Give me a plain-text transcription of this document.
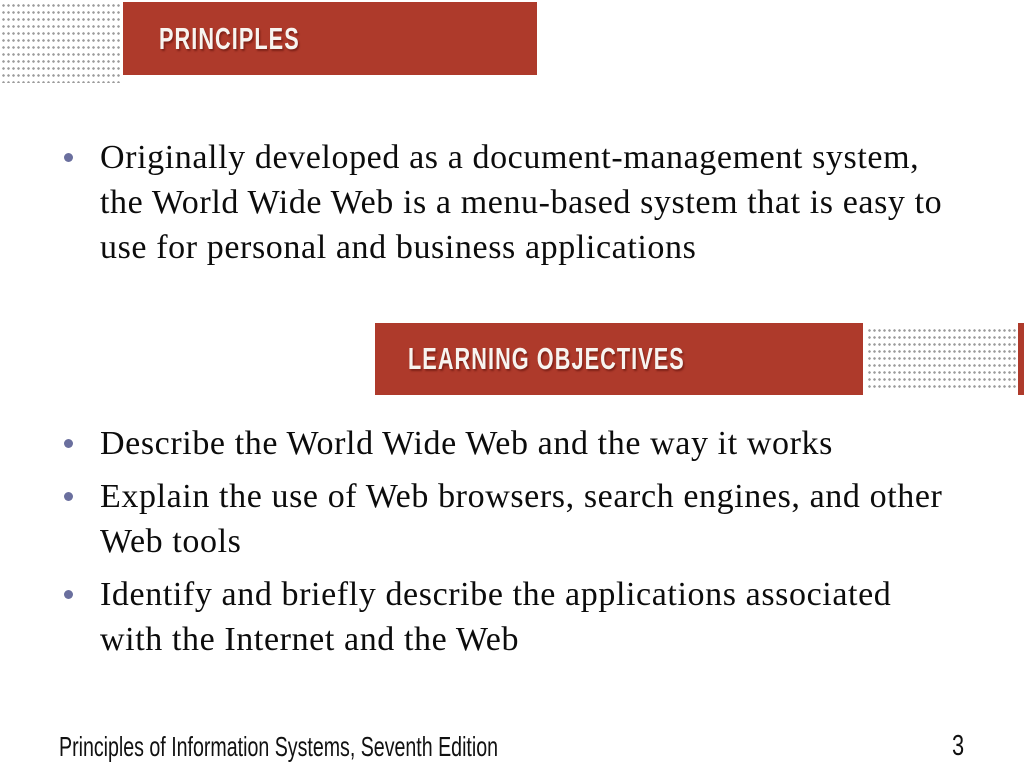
PRINCIPLES
Originally developed as a document-management system,
the World Wide Web is a menu-based system that is easy to
use for personal and business applications
LEARNING OBJECTIVES
Describe the World Wide Web and the way it works
Explain the use of Web browsers, search engines, and other
Web tools
Identify and briefly describe the applications associated
with the Internet and the Web
Principles of Information Systems, Seventh Edition	3
